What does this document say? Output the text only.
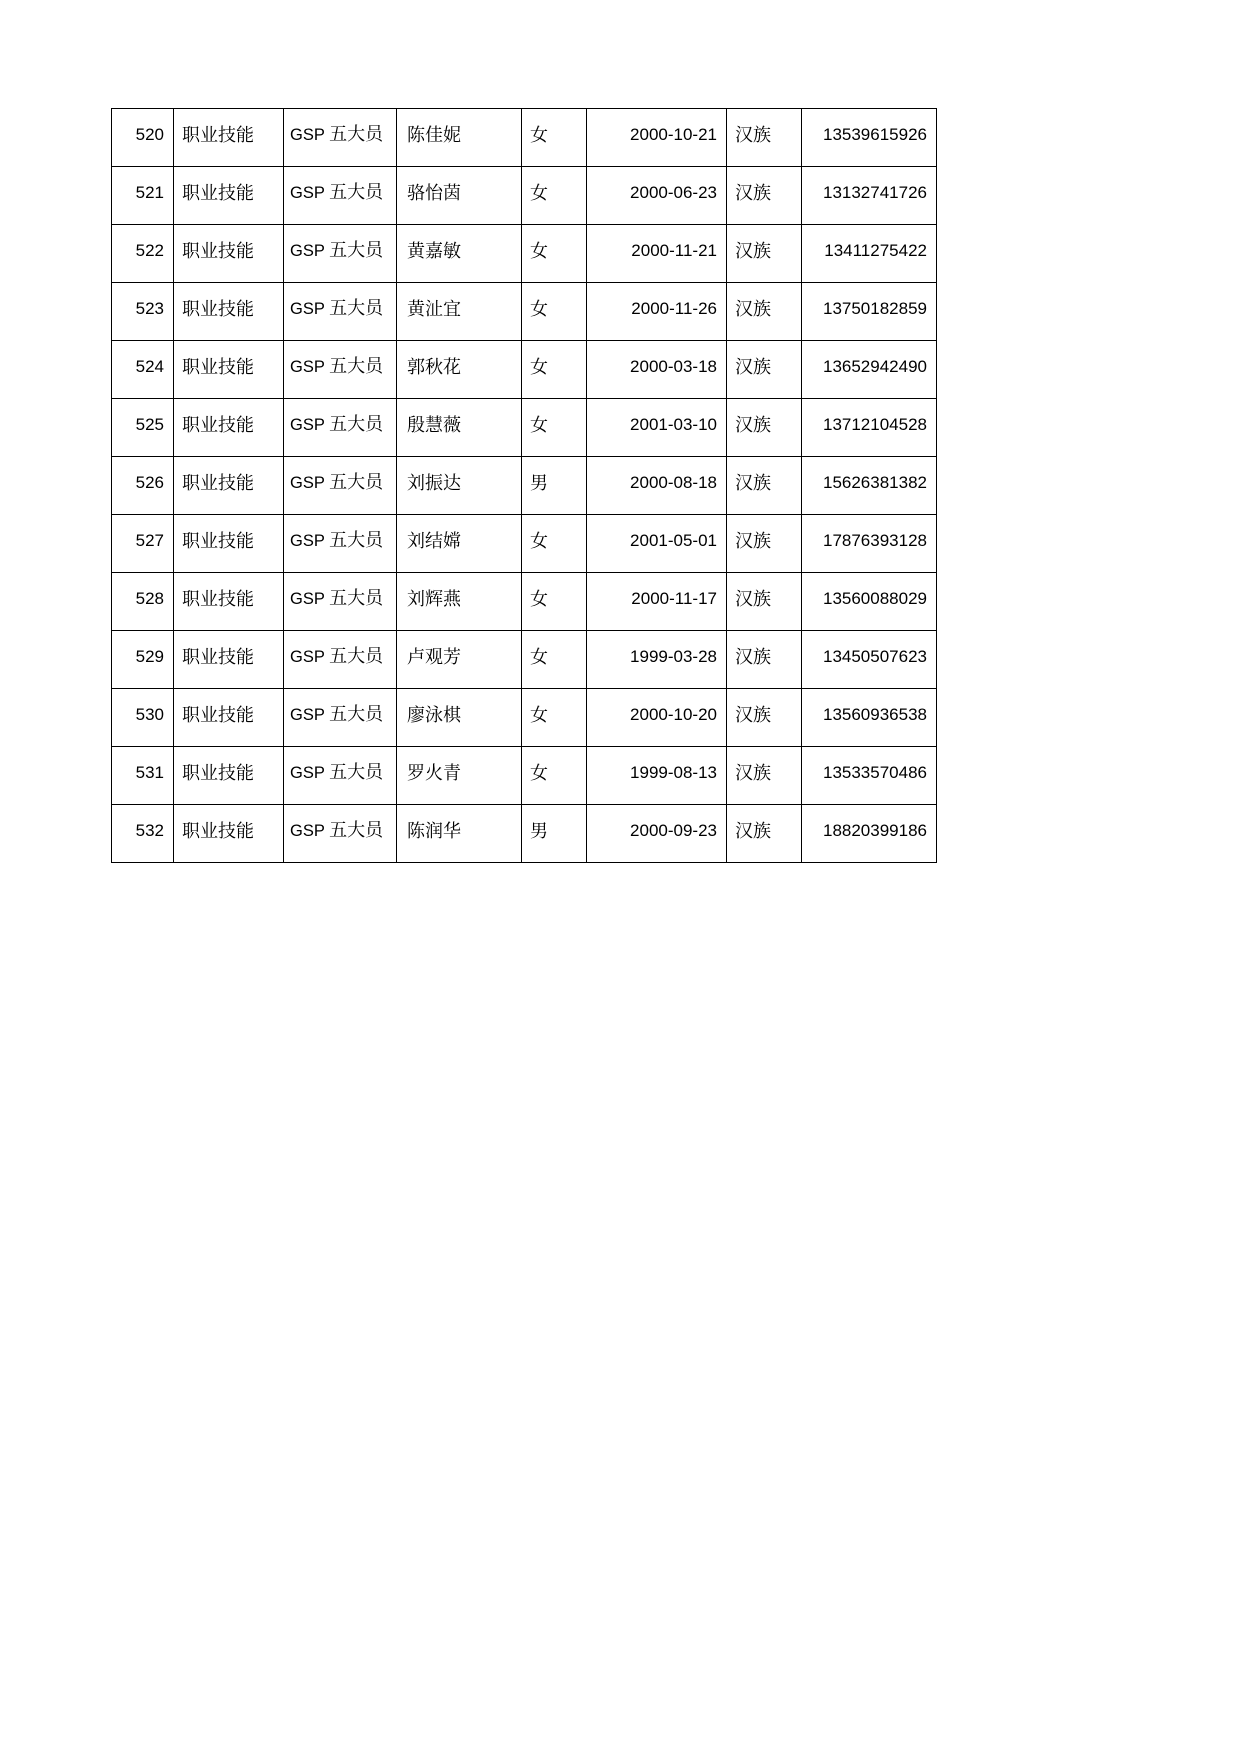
520	职业技能	GSP 五大员	陈佳妮	女	2000-10-21	汉族	13539615926

521	职业技能	GSP 五大员	骆怡茵	女	2000-06-23	汉族	13132741726

522	职业技能	GSP 五大员	黄嘉敏	女	2000-11-21	汉族	13411275422

523	职业技能	GSP 五大员	黄沚宜	女	2000-11-26	汉族	13750182859

524	职业技能	GSP 五大员	郭秋花	女	2000-03-18	汉族	13652942490

525	职业技能	GSP 五大员	殷慧薇	女	2001-03-10	汉族	13712104528

526	职业技能	GSP 五大员	刘振达	男	2000-08-18	汉族	15626381382

527	职业技能	GSP 五大员	刘结嫦	女	2001-05-01	汉族	17876393128

528	职业技能	GSP 五大员	刘辉燕	女	2000-11-17	汉族	13560088029

529	职业技能	GSP 五大员	卢观芳	女	1999-03-28	汉族	13450507623

530	职业技能	GSP 五大员	廖泳棋	女	2000-10-20	汉族	13560936538

531	职业技能	GSP 五大员	罗火青	女	1999-08-13	汉族	13533570486

532	职业技能	GSP 五大员	陈润华	男	2000-09-23	汉族	18820399186
